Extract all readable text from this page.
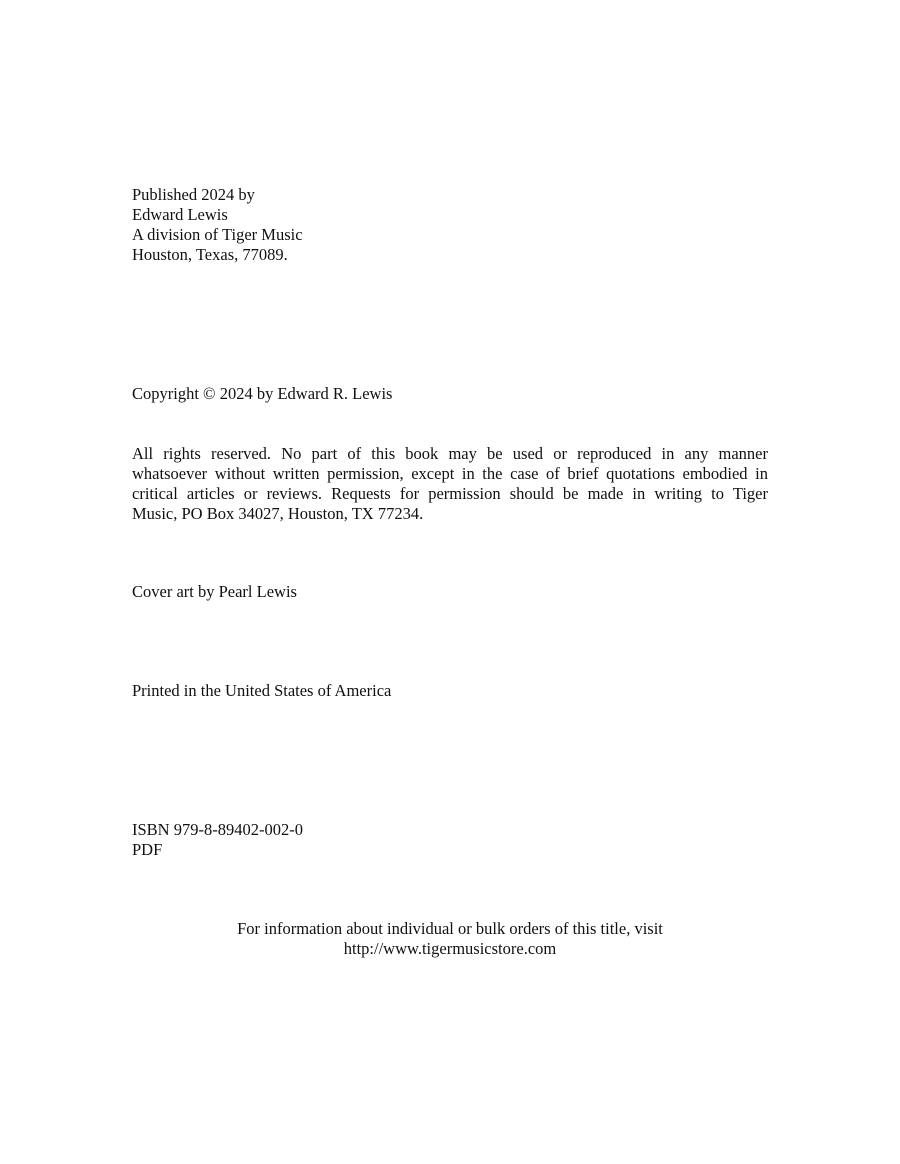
Published 2024 by
Edward Lewis
A division of Tiger Music
Houston, Texas, 77089.
Copyright © 2024 by Edward R. Lewis
All rights reserved. No part of this book may be used or reproduced in any manner
whatsoever without written permission, except in the case of brief quotations embodied in
critical articles or reviews. Requests for permission should be made in writing to Tiger
Music, PO Box 34027, Houston, TX 77234.
Cover art by Pearl Lewis
Printed in the United States of America
ISBN 979-8-89402-002-0
PDF
For information about individual or bulk orders of this title, visit
http://www.tigermusicstore.com
